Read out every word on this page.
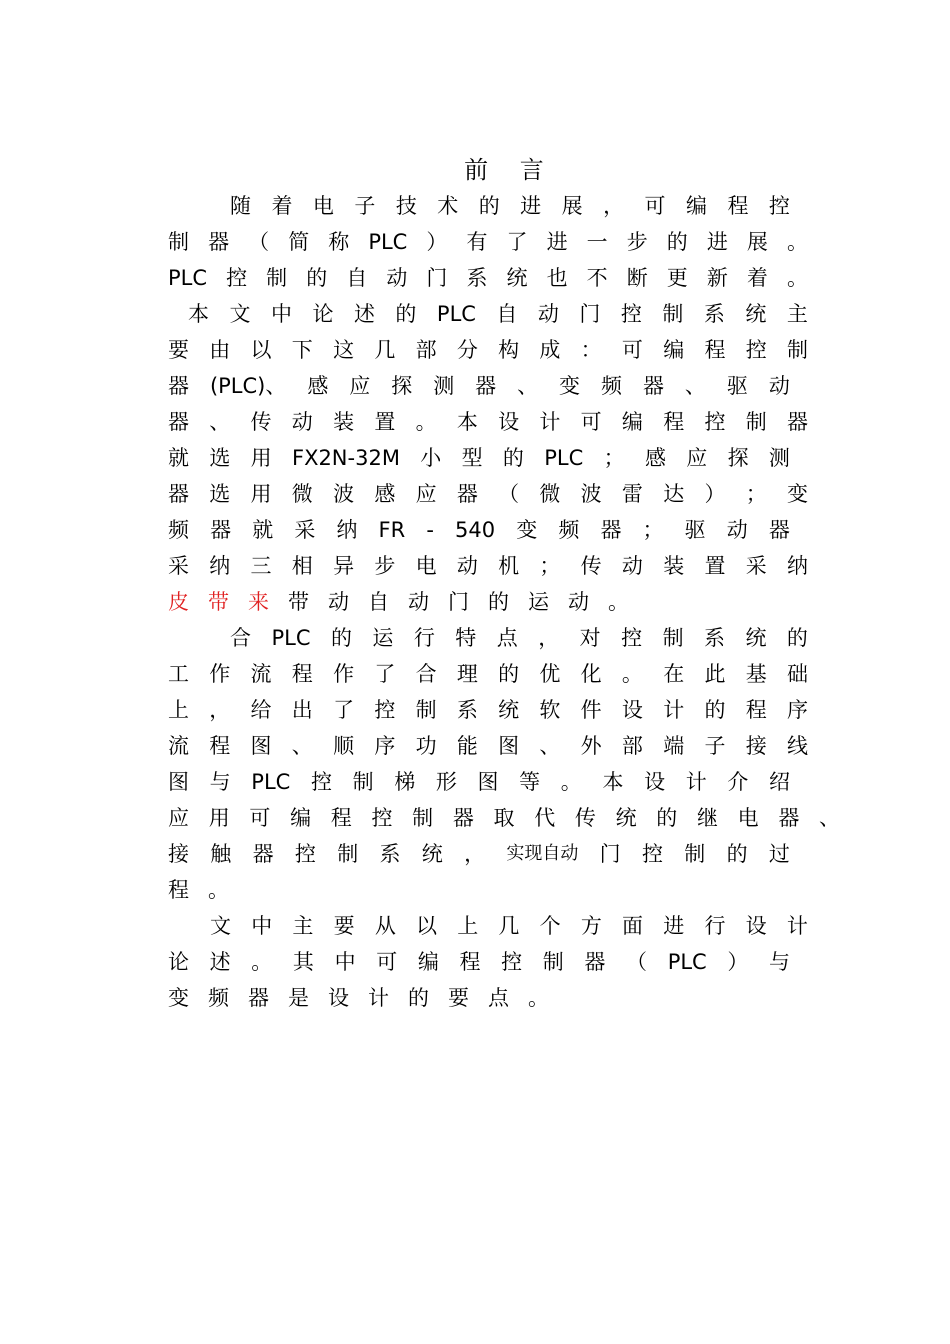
前 言
随 着 电 子 技 术 的 进 展 ， 可 编 程 控
制 器 （ 简 称 PLC ） 有 了 进 一 步 的 进 展 。
PLC 控 制 的 自 动 门 系 统 也 不 断 更 新 着 。
本 文 中 论 述 的 PLC 自 动 门 控 制 系 统 主
要 由 以 下 这 几 部 分 构 成 ： 可 编 程 控 制
器 (PLC)、 感 应 探 测 器 、 变 频 器 、 驱 动
器 、 传 动 装 置 。 本 设 计 可 编 程 控 制 器
就 选 用 FX2N-32M 小 型 的 PLC ； 感 应 探 测
器 选 用 微 波 感 应 器 （ 微 波 雷 达 ） ； 变
频 器 就 采 纳 FR - 540 变 频 器 ； 驱 动 器
采 纳 三 相 异 步 电 动 机 ； 传 动 装 置 采 纳
皮 带 来 带 动 自 动 门 的 运 动 。
合 PLC 的 运 行 特 点 ， 对 控 制 系 统 的
工 作 流 程 作 了 合 理 的 优 化 。 在 此 基 础
上 ， 给 出 了 控 制 系 统 软 件 设 计 的 程 序
流 程 图 、 顺 序 功 能 图 、 外 部 端 子 接 线
图 与 PLC 控 制 梯 形 图 等 。 本 设 计 介 绍
应 用 可 编 程 控 制 器 取 代 传 统 的 继 电 器 、
接 触 器 控 制 系 统 ， 实现自动 门 控 制 的 过
程 。
文 中 主 要 从 以 上 几 个 方 面 进 行 设 计
论 述 。 其 中 可 编 程 控 制 器 （ PLC ） 与
变 频 器 是 设 计 的 要 点 。
